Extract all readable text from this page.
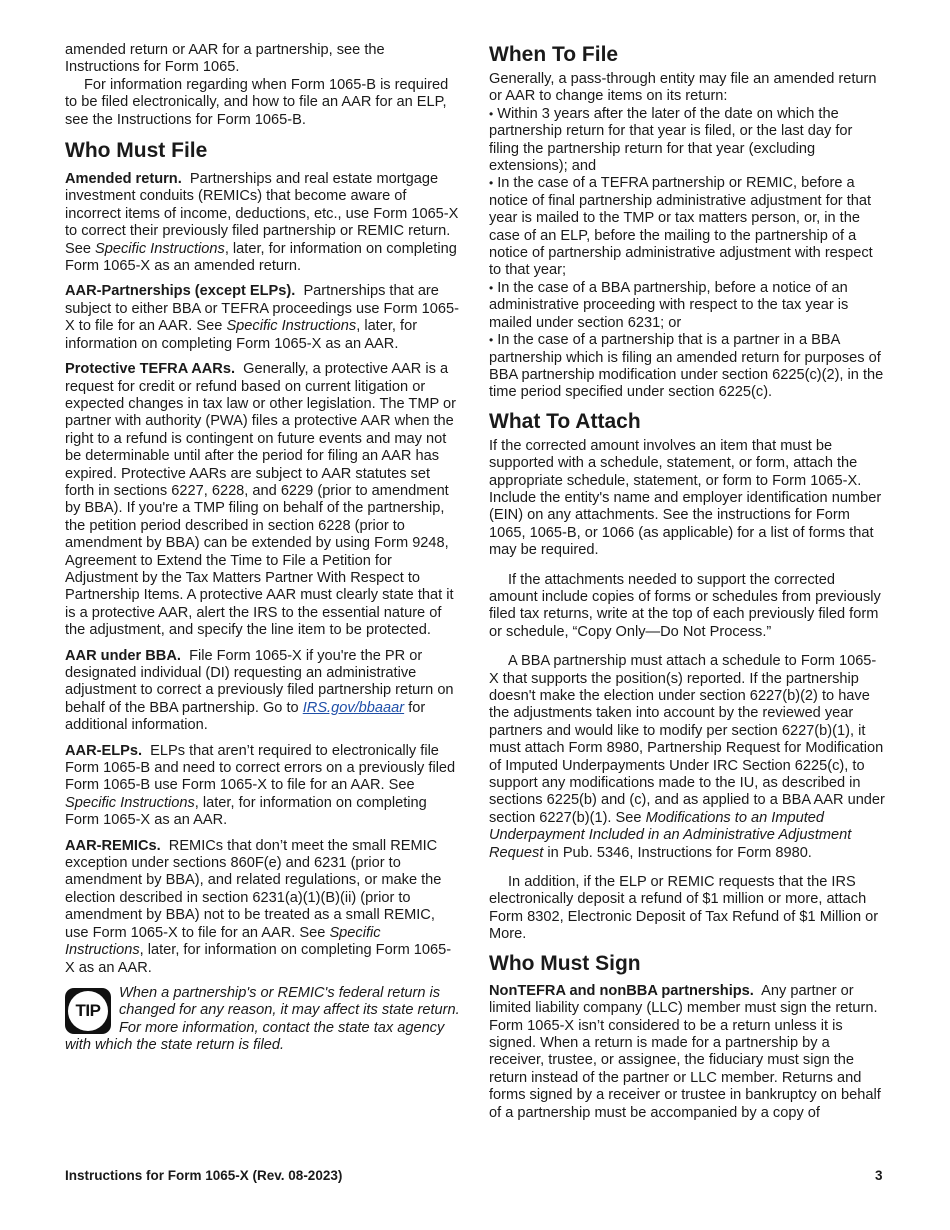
amended return or AAR for a partnership, see the Instructions for Form 1065.

For information regarding when Form 1065-B is required to be filed electronically, and how to file an AAR for an ELP, see the Instructions for Form 1065-B.

Who Must File

Amended return. Partnerships and real estate mortgage investment conduits (REMICs) that become aware of incorrect items of income, deductions, etc., use Form 1065-X to correct their previously filed partnership or REMIC return. See Specific Instructions, later, for information on completing Form 1065-X as an amended return.

AAR-Partnerships (except ELPs). Partnerships that are subject to either BBA or TEFRA proceedings use Form 1065-X to file for an AAR. See Specific Instructions, later, for information on completing Form 1065-X as an AAR.

Protective TEFRA AARs. Generally, a protective AAR is a request for credit or refund based on current litigation or expected changes in tax law or other legislation. The TMP or partner with authority (PWA) files a protective AAR when the right to a refund is contingent on future events and may not be determinable until after the period for filing an AAR has expired. Protective AARs are subject to AAR statutes set forth in sections 6227, 6228, and 6229 (prior to amendment by BBA). If you're a TMP filing on behalf of the partnership, the petition period described in section 6228 (prior to amendment by BBA) can be extended by using Form 9248, Agreement to Extend the Time to File a Petition for Adjustment by the Tax Matters Partner With Respect to Partnership Items. A protective AAR must clearly state that it is a protective AAR, alert the IRS to the essential nature of the adjustment, and specify the line item to be protected.

AAR under BBA. File Form 1065-X if you're the PR or designated individual (DI) requesting an administrative adjustment to correct a previously filed partnership return on behalf of the BBA partnership. Go to IRS.gov/bbaaar for additional information.

AAR-ELPs. ELPs that aren’t required to electronically file Form 1065-B and need to correct errors on a previously filed Form 1065-B use Form 1065-X to file for an AAR. See Specific Instructions, later, for information on completing Form 1065-X as an AAR.

AAR-REMICs. REMICs that don’t meet the small REMIC exception under sections 860F(e) and 6231 (prior to amendment by BBA), and related regulations, or make the election described in section 6231(a)(1)(B)(ii) (prior to amendment by BBA) not to be treated as a small REMIC, use Form 1065-X to file for an AAR. See Specific Instructions, later, for information on completing Form 1065-X as an AAR.

TIP
When a partnership's or REMIC's federal return is changed for any reason, it may affect its state return. For more information, contact the state tax agency with which the state return is filed.
When To File

Generally, a pass-through entity may file an amended return or AAR to change items on its return:

• Within 3 years after the later of the date on which the partnership return for that year is filed, or the last day for filing the partnership return for that year (excluding extensions); and

• In the case of a TEFRA partnership or REMIC, before a notice of final partnership administrative adjustment for that year is mailed to the TMP or tax matters person, or, in the case of an ELP, before the mailing to the partnership of a notice of partnership administrative adjustment with respect to that year;

• In the case of a BBA partnership, before a notice of an administrative proceeding with respect to the tax year is mailed under section 6231; or

• In the case of a partnership that is a partner in a BBA partnership which is filing an amended return for purposes of BBA partnership modification under section 6225(c)(2), in the time period specified under section 6225(c).

What To Attach

If the corrected amount involves an item that must be supported with a schedule, statement, or form, attach the appropriate schedule, statement, or form to Form 1065-X. Include the entity's name and employer identification number (EIN) on any attachments. See the instructions for Form 1065, 1065-B, or 1066 (as applicable) for a list of forms that may be required.

If the attachments needed to support the corrected amount include copies of forms or schedules from previously filed tax returns, write at the top of each previously filed form or schedule, “Copy Only—Do Not Process.”

A BBA partnership must attach a schedule to Form 1065-X that supports the position(s) reported. If the partnership doesn't make the election under section 6227(b)(2) to have the adjustments taken into account by the reviewed year partners and would like to modify per section 6227(b)(1), it must attach Form 8980, Partnership Request for Modification of Imputed Underpayments Under IRC Section 6225(c), to support any modifications made to the IU, as described in sections 6225(b) and (c), and as applied to a BBA AAR under section 6227(b)(1). See Modifications to an Imputed Underpayment Included in an Administrative Adjustment Request in Pub. 5346, Instructions for Form 8980.

In addition, if the ELP or REMIC requests that the IRS electronically deposit a refund of $1 million or more, attach Form 8302, Electronic Deposit of Tax Refund of $1 Million or More.

Who Must Sign

NonTEFRA and nonBBA partnerships. Any partner or limited liability company (LLC) member must sign the return. Form 1065-X isn’t considered to be a return unless it is signed. When a return is made for a partnership by a receiver, trustee, or assignee, the fiduciary must sign the return instead of the partner or LLC member. Returns and forms signed by a receiver or trustee in bankruptcy on behalf of a partnership must be accompanied by a copy of

Instructions for Form 1065-X (Rev. 08-2023)	3
